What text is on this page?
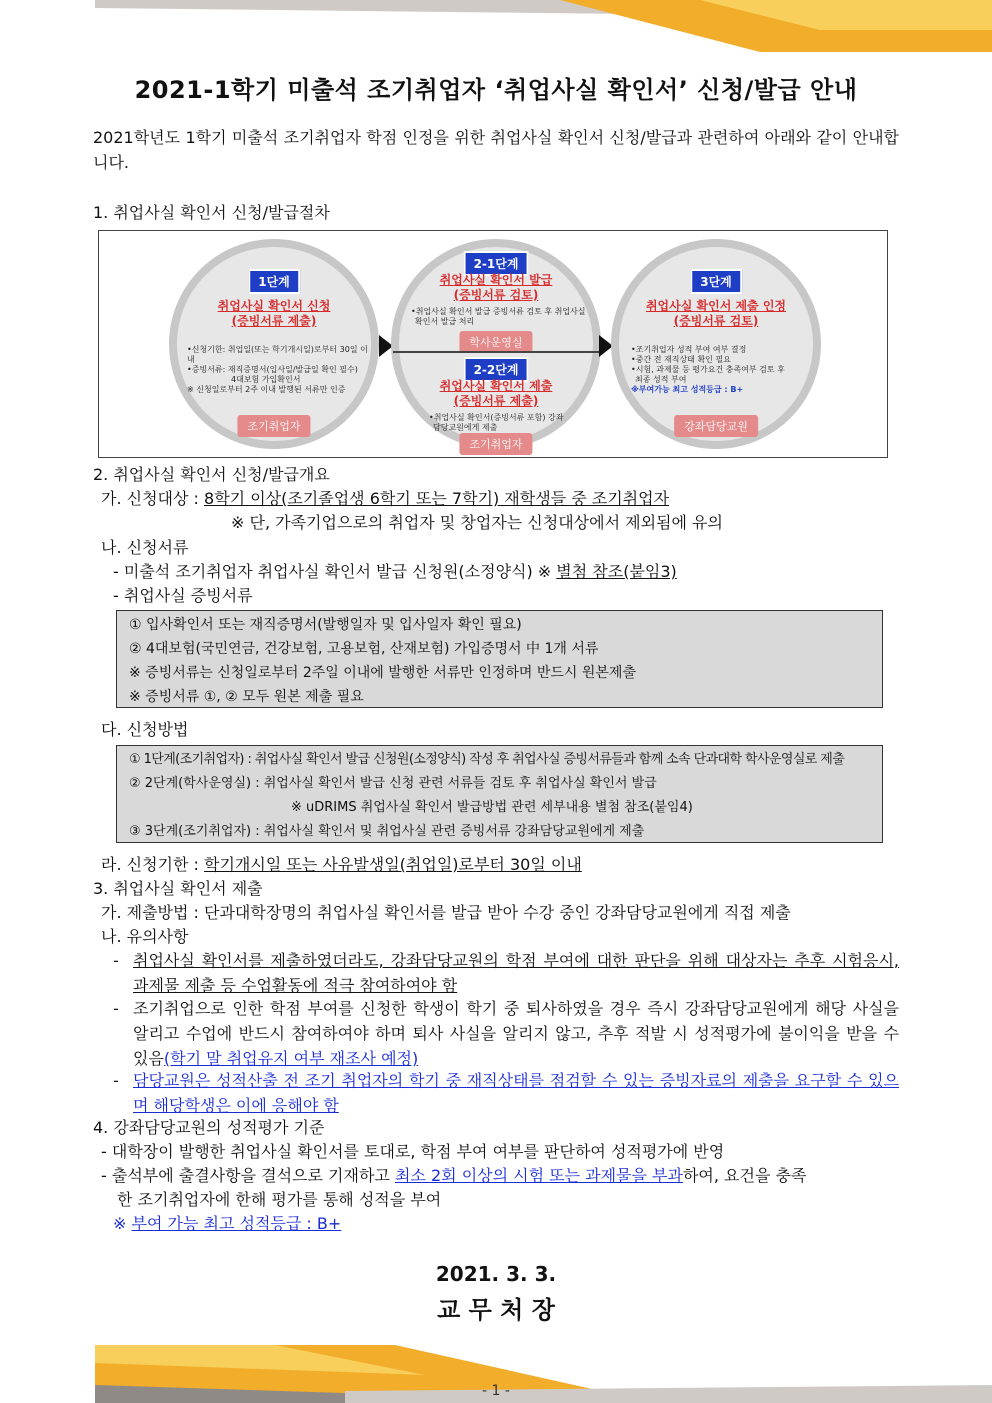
2021-1학기 미출석 조기취업자 ‘취업사실 확인서’ 신청/발급 안내
2021학년도 1학기 미출석 조기취업자 학점 인정을 위한 취업사실 확인서 신청/발급과 관련하여 아래와 같이 안내합니다.
1. 취업사실 확인서 신청/발급절차
1단계
취업사실 확인서 신청
(증빙서류 제출)
•신청기한: 취업일(또는 학기개시일)로부터 30일 이내
•증빙서류: 재직증명서(입사일/발급일 확인 필수)
4대보험 가입확인서
※ 신청일로부터 2주 이내 발행된 서류만 인증
조기취업자
2-1단계
취업사실 확인서 발급
(증빙서류 검토)
•취업사실 확인서 발급 증빙서류 검토 후 취업사실
확인서 발급 처리
학사운영실
2-2단계
취업사실 확인서 제출
(증빙서류 제출)
•취업사실 확인서(증빙서류 포함) 강좌
담당교원에게 제출
조기취업자
3단계
취업사실 확인서 제출 인정
(증빙서류 검토)
•조기취업자 성적 부여 여부 결정
•중간 전 재직상태 확인 필요
•시험, 과제물 등 평가요건 충족여부 검토 후
최종 성적 부여
※부여가능 최고 성적등급 : B+
강좌담당교원
2. 취업사실 확인서 신청/발급개요
가. 신청대상 : 8학기 이상(조기졸업생 6학기 또는 7학기) 재학생들 중 조기취업자
※ 단, 가족기업으로의 취업자 및 창업자는 신청대상에서 제외됨에 유의
나. 신청서류
- 미출석 조기취업자 취업사실 확인서 발급 신청원(소정양식) ※ 별첨 참조(붙임3)
- 취업사실 증빙서류
① 입사확인서 또는 재직증명서(발행일자 및 입사일자 확인 필요)
② 4대보험(국민연금, 건강보험, 고용보험, 산재보험) 가입증명서 中 1개 서류
※ 증빙서류는 신청일로부터 2주일 이내에 발행한 서류만 인정하며 반드시 원본제출
※ 증빙서류 ①, ② 모두 원본 제출 필요
다. 신청방법
① 1단계(조기취업자) : 취업사실 확인서 발급 신청원(소정양식) 작성 후 취업사실 증빙서류들과 함께 소속 단과대학 학사운영실로 제출
② 2단계(학사운영실) : 취업사실 확인서 발급 신청 관련 서류들 검토 후 취업사실 확인서 발급
※ uDRIMS 취업사실 확인서 발급방법 관련 세부내용 별첨 참조(붙임4)
③ 3단계(조기취업자) : 취업사실 확인서 및 취업사실 관련 증빙서류 강좌담당교원에게 제출
라. 신청기한 : 학기개시일 또는 사유발생일(취업일)로부터 30일 이내
3. 취업사실 확인서 제출
가. 제출방법 : 단과대학장명의 취업사실 확인서를 발급 받아 수강 중인 강좌담당교원에게 직접 제출
나. 유의사항
- 취업사실 확인서를 제출하였더라도, 강좌담당교원의 학점 부여에 대한 판단을 위해 대상자는 추후 시험응시, 과제물 제출 등 수업활동에 적극 참여하여야 함
- 조기취업으로 인한 학점 부여를 신청한 학생이 학기 중 퇴사하였을 경우 즉시 강좌담당교원에게 해당 사실을 알리고 수업에 반드시 참여하여야 하며 퇴사 사실을 알리지 않고, 추후 적발 시 성적평가에 불이익을 받을 수 있음(학기 말 취업유지 여부 재조사 예정)
- 담당교원은 성적산출 전 조기 취업자의 학기 중 재직상태를 점검할 수 있는 증빙자료의 제출을 요구할 수 있으며 해당학생은 이에 응해야 함
4. 강좌담당교원의 성적평가 기준
- 대학장이 발행한 취업사실 확인서를 토대로, 학점 부여 여부를 판단하여 성적평가에 반영
- 출석부에 출결사항을 결석으로 기재하고 최소 2회 이상의 시험 또는 과제물을 부과하여, 요건을 충족
한 조기취업자에 한해 평가를 통해 성적을 부여
※ 부여 가능 최고 성적등급 : B+
2021. 3. 3.
교 무 처 장
- 1 -
